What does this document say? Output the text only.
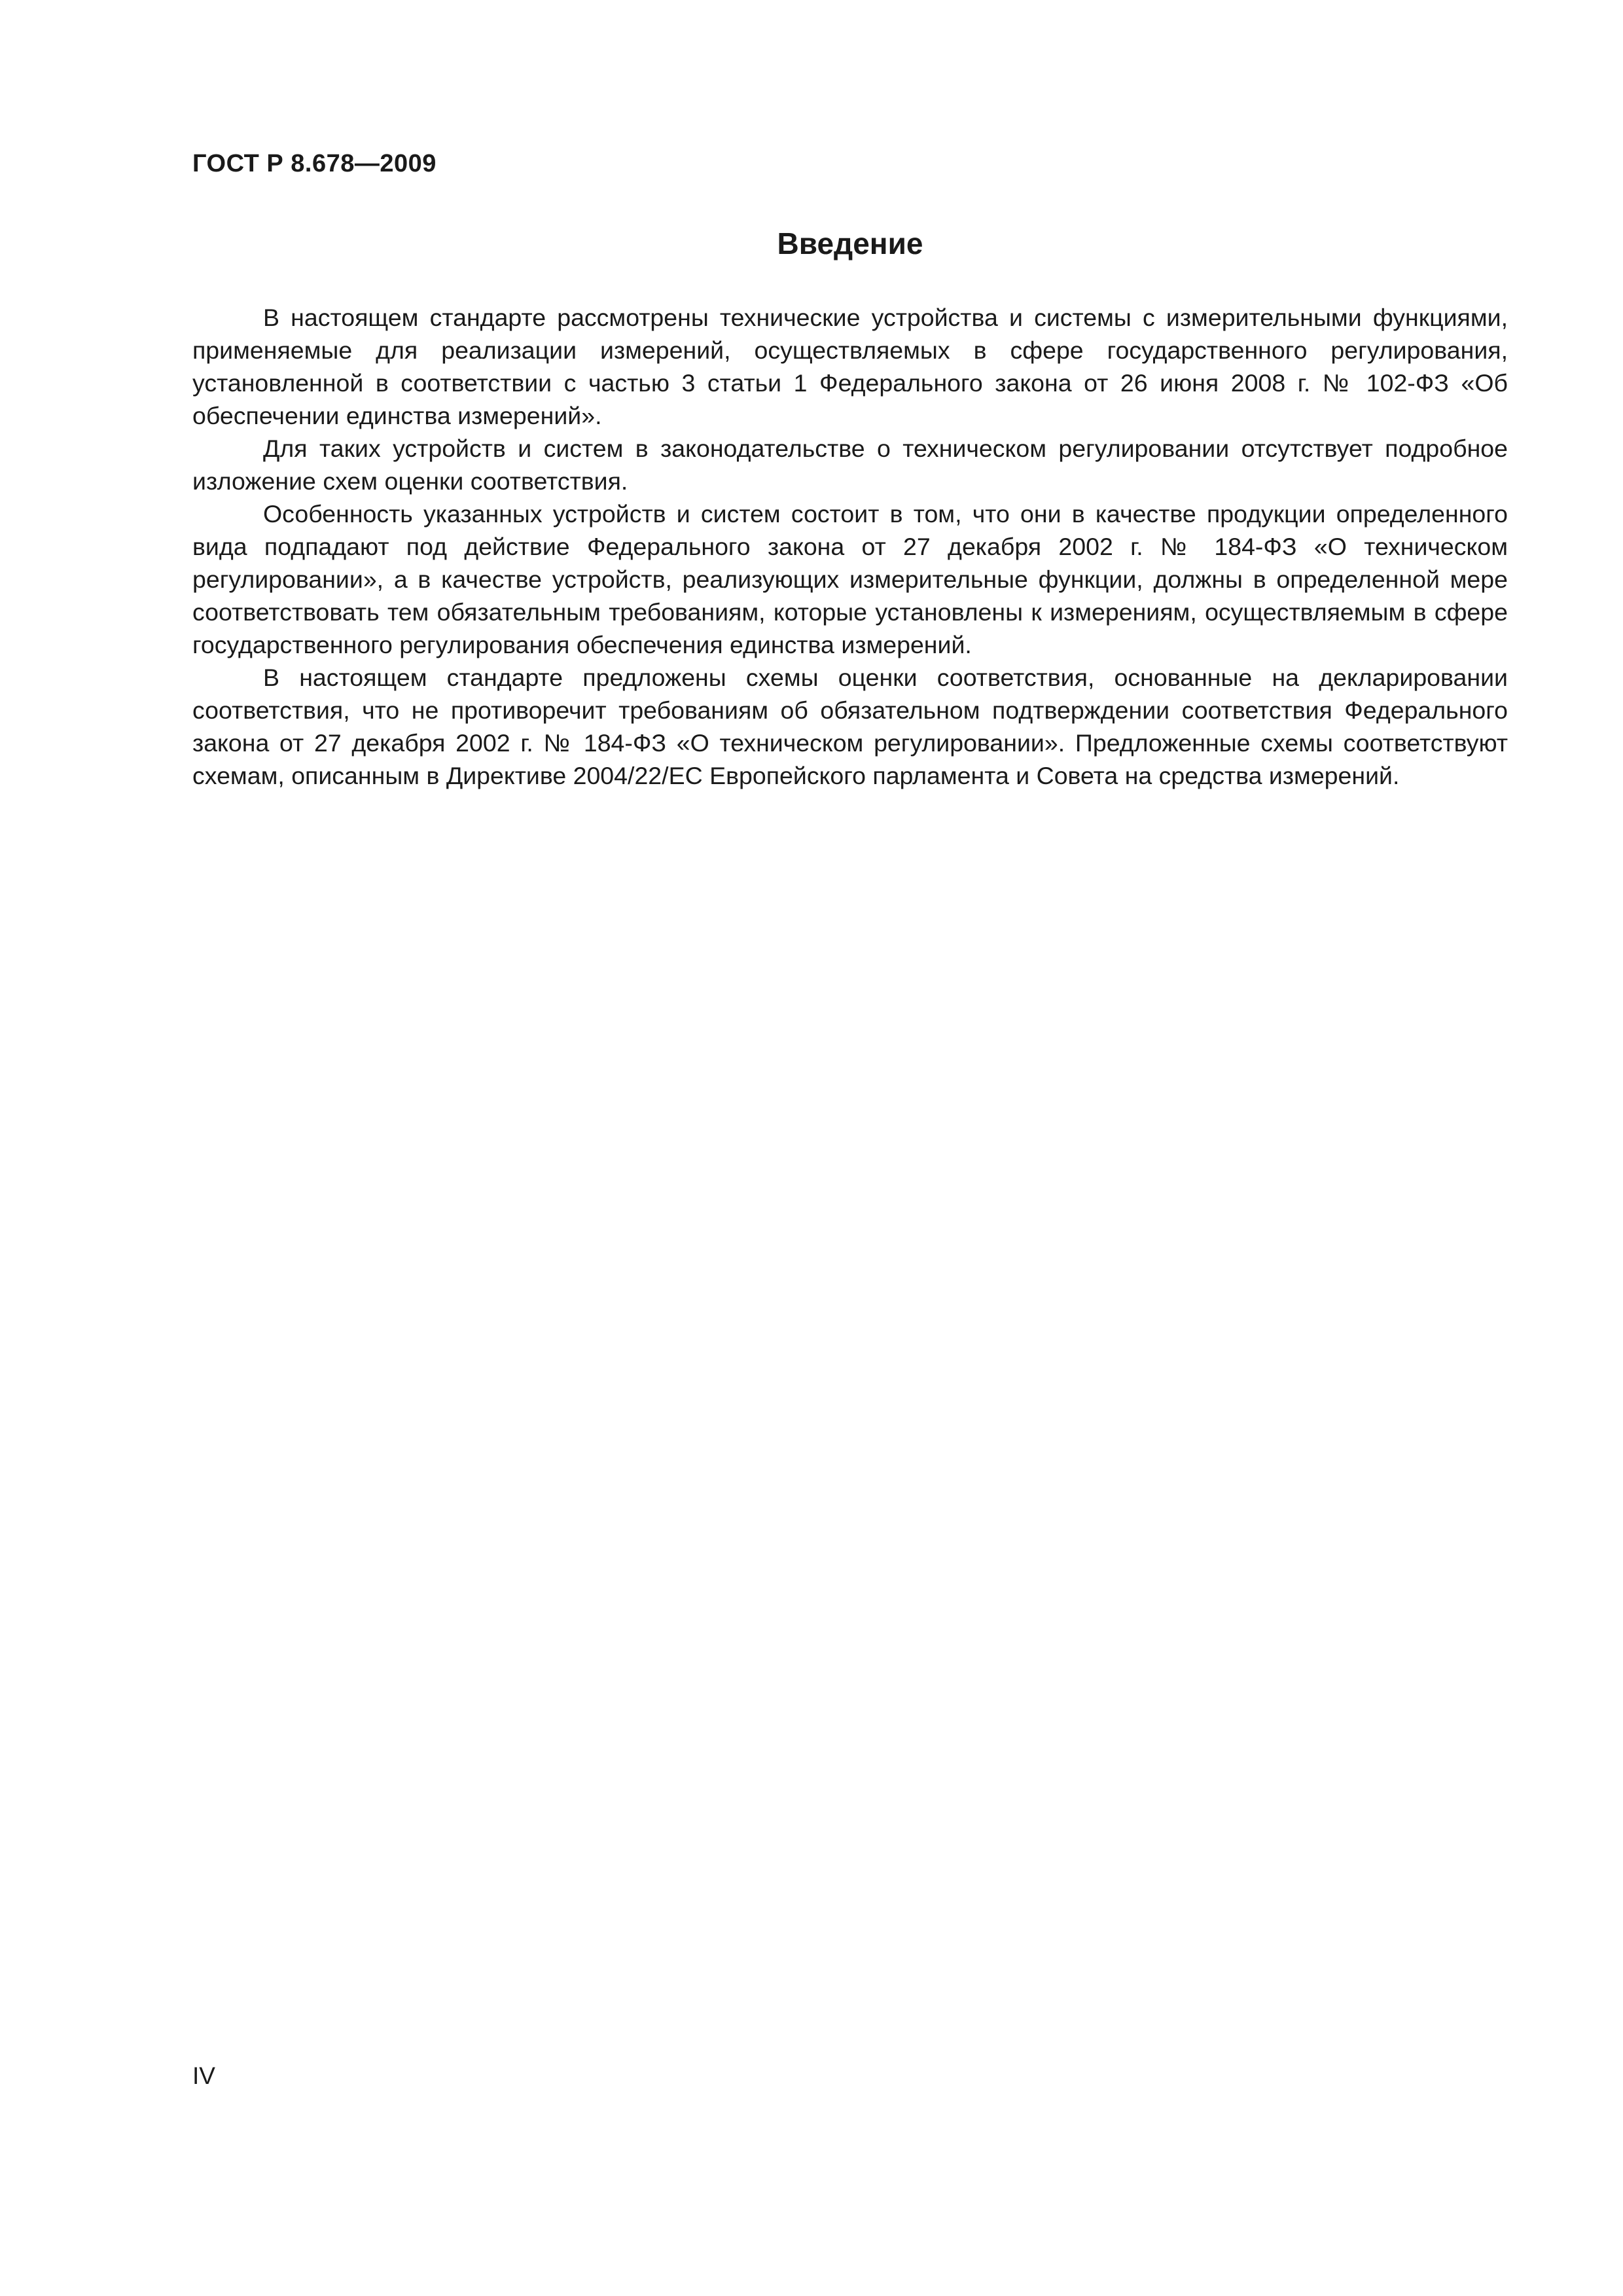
ГОСТ Р 8.678—2009
Введение

В настоящем стандарте рассмотрены технические устройства и системы с измерительными функциями, применяемые для реализации измерений, осуществляемых в сфере государственного регулирования, установленной в соответствии с частью 3 статьи 1 Федерального закона от 26 июня 2008 г. № 102-ФЗ «Об обеспечении единства измерений».

Для таких устройств и систем в законодательстве о техническом регулировании отсутствует подробное изложение схем оценки соответствия.

Особенность указанных устройств и систем состоит в том, что они в качестве продукции определенного вида подпадают под действие Федерального закона от 27 декабря 2002 г. № 184-ФЗ «О техническом регулировании», а в качестве устройств, реализующих измерительные функции, должны в определенной мере соответствовать тем обязательным требованиям, которые установлены к измерениям, осуществляемым в сфере государственного регулирования обеспечения единства измерений.

В настоящем стандарте предложены схемы оценки соответствия, основанные на декларировании соответствия, что не противоречит требованиям об обязательном подтверждении соответствия Федерального закона от 27 декабря 2002 г. № 184-ФЗ «О техническом регулировании». Предложенные схемы соответствуют схемам, описанным в Директиве 2004/22/EC Европейского парламента и Совета на средства измерений.

IV
